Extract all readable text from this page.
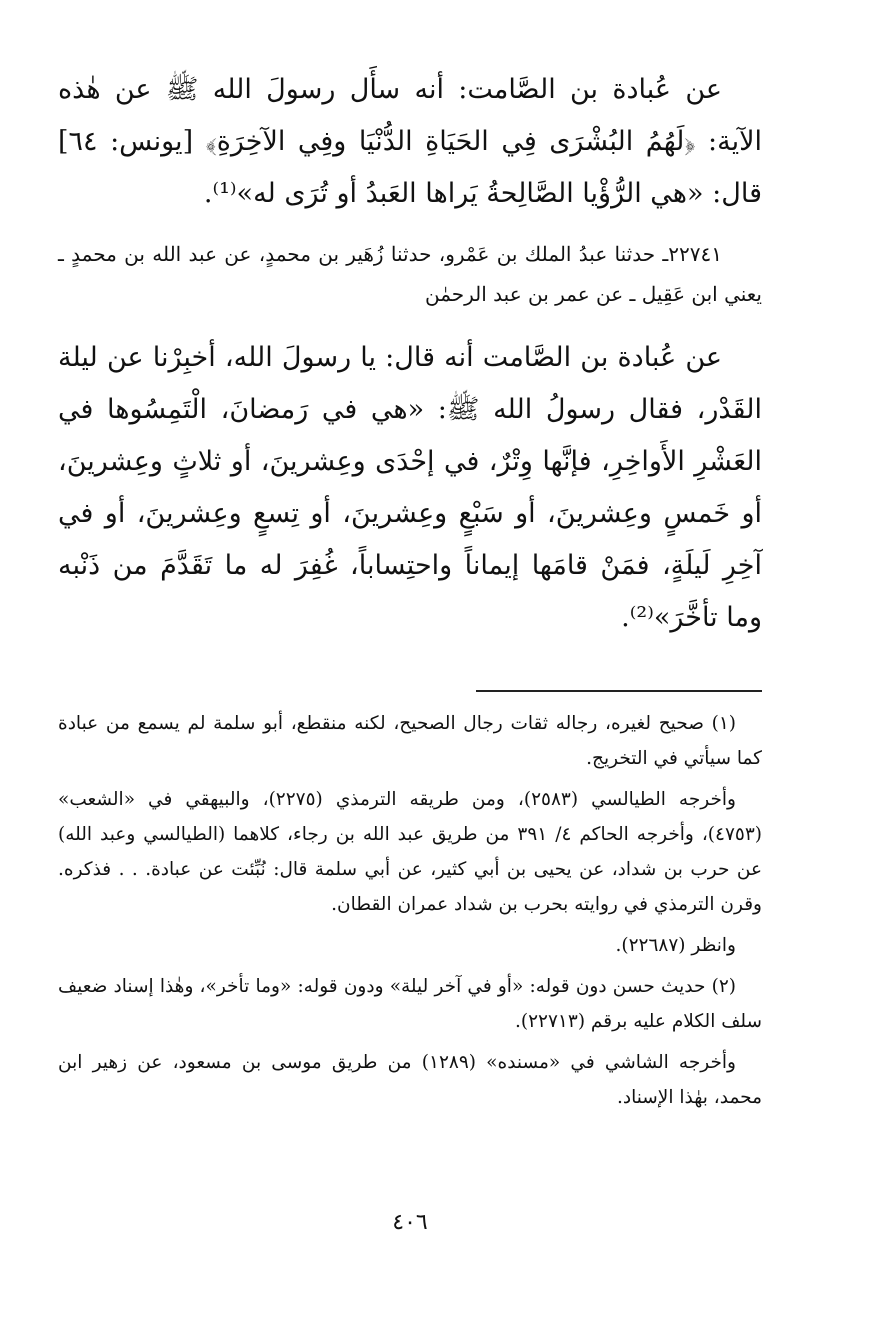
عن عُبادة بن الصَّامت: أنه سأَل رسولَ الله ﷺ عن هٰذه الآية: ﴿لَهُمُ البُشْرَى فِي الحَيَاةِ الدُّنْيَا وفِي الآخِرَةِ﴾ [يونس: ٦٤] قال: «هي الرُّؤْيا الصَّالِحةُ يَراها العَبدُ أو تُرَى له»⁽¹⁾.

٢٢٧٤١ـ حدثنا عبدُ الملك بن عَمْرو، حدثنا زُهَير بن محمدٍ، عن عبد الله بن محمدٍ ـ يعني ابن عَقِيل ـ عن عمر بن عبد الرحمٰن

عن عُبادة بن الصَّامت أنه قال: يا رسولَ الله، أخبِرْنا عن ليلة القَدْر، فقال رسولُ الله ﷺ: «هي في رَمضانَ، الْتَمِسُوها في العَشْرِ الأَواخِرِ، فإنَّها وِتْرٌ، في إحْدَى وعِشرينَ، أو ثلاثٍ وعِشرينَ، أو خَمسٍ وعِشرينَ، أو سَبْعٍ وعِشرينَ، أو تِسعٍ وعِشرينَ، أو في آخِرِ لَيلَةٍ، فمَنْ قامَها إيماناً واحتِساباً، غُفِرَ له ما تَقَدَّمَ من ذَنْبه وما تأخَّرَ»⁽²⁾.

(١) صحيح لغيره، رجاله ثقات رجال الصحيح، لكنه منقطع، أبو سلمة لم يسمع من عبادة كما سيأتي في التخريج.

وأخرجه الطيالسي (٢٥٨٣)، ومن طريقه الترمذي (٢٢٧٥)، والبيهقي في «الشعب» (٤٧٥٣)، وأخرجه الحاكم ٤/ ٣٩١ من طريق عبد الله بن رجاء، كلاهما (الطيالسي وعبد الله) عن حرب بن شداد، عن يحيى بن أبي كثير، عن أبي سلمة قال: نُبِّئت عن عبادة. . . فذكره. وقرن الترمذي في روايته بحرب بن شداد عمران القطان.

وانظر (٢٢٦٨٧).

(٢) حديث حسن دون قوله: «أو في آخر ليلة» ودون قوله: «وما تأخر»، وهٰذا إسناد ضعيف سلف الكلام عليه برقم (٢٢٧١٣).

وأخرجه الشاشي في «مسنده» (١٢٨٩) من طريق موسى بن مسعود، عن زهير ابن محمد، بهٰذا الإسناد.

٤٠٦
